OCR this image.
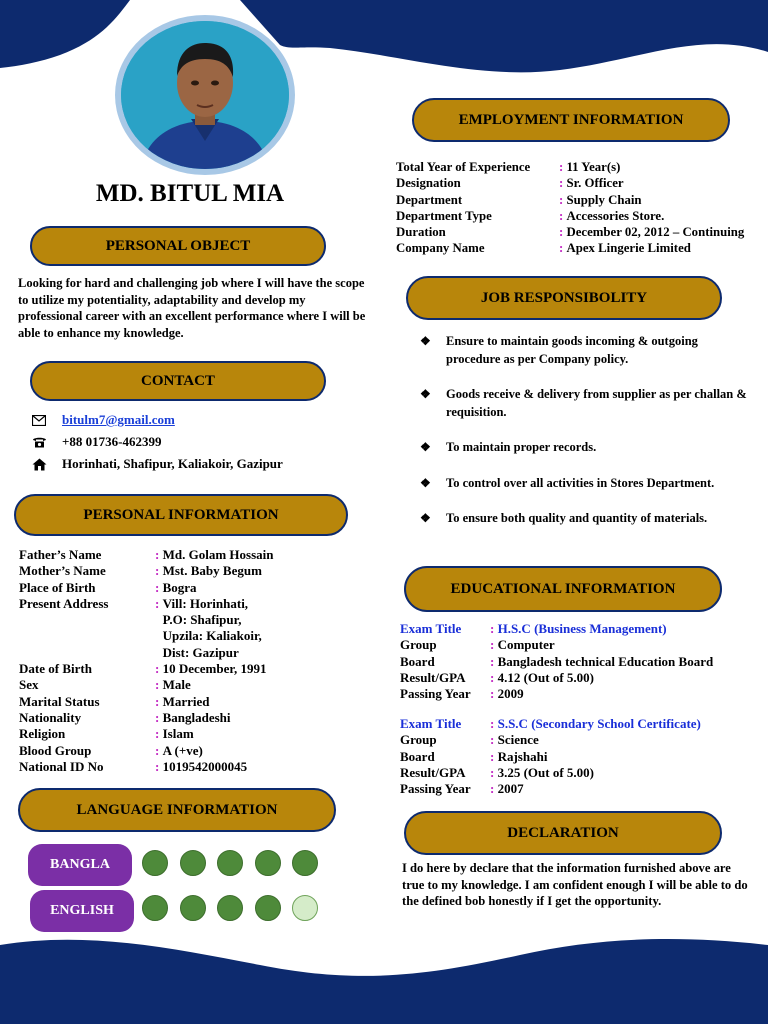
MD. BITUL MIA
PERSONAL OBJECT
Looking for hard and challenging job where I will have the scope to utilize my potentiality, adaptability and develop my professional career with an excellent performance where I will be able to enhance my knowledge.
CONTACT
bitulm7@gmail.com
+88 01736-462399
Horinhati, Shafipur, Kaliakoir, Gazipur
PERSONAL INFORMATION
Father’s Name	:
Md. Golam Hossain
Mother’s Name	:
Mst. Baby Begum
Place of Birth	:
Bogra
Present Address	:
Vill: Horinhati,

P.O: Shafipur,

Upzila: Kaliakoir,

Dist: Gazipur
Date of Birth	:
10 December, 1991
Sex	:
Male
Marital Status	:
Married
Nationality	:
Bangladeshi
Religion	:
Islam
Blood Group	:
A (+ve)
National ID No	:
1019542000045
LANGUAGE INFORMATION
BANGLA
ENGLISH
EMPLOYMENT INFORMATION
Total Year of Experience	:
11 Year(s)
Designation	:
Sr. Officer
Department	:
Supply Chain
Department Type	:
Accessories Store.
Duration	:
December 02, 2012 – Continuing
Company Name	:
Apex Lingerie Limited
JOB RESPONSIBOLITY
❖	Ensure to maintain goods incoming & outgoing procedure as per Company policy.
❖	Goods receive & delivery from supplier as per challan & requisition.
❖	To maintain proper records.
❖	To control over all activities in Stores Department.
❖	To ensure both quality and quantity of materials.
EDUCATIONAL INFORMATION
Exam Title	:
H.S.C (Business Management)
Group	:
Computer
Board	:
Bangladesh technical Education Board
Result/GPA	:
4.12 (Out of 5.00)
Passing Year	:
2009
Exam Title	:
S.S.C (Secondary School Certificate)
Group	:
Science
Board	:
Rajshahi
Result/GPA	:
3.25 (Out of 5.00)
Passing Year	:
2007
DECLARATION
I do here by declare that the information furnished above are true to my knowledge. I am confident enough I will be able to do the defined bob honestly if I get the opportunity.
